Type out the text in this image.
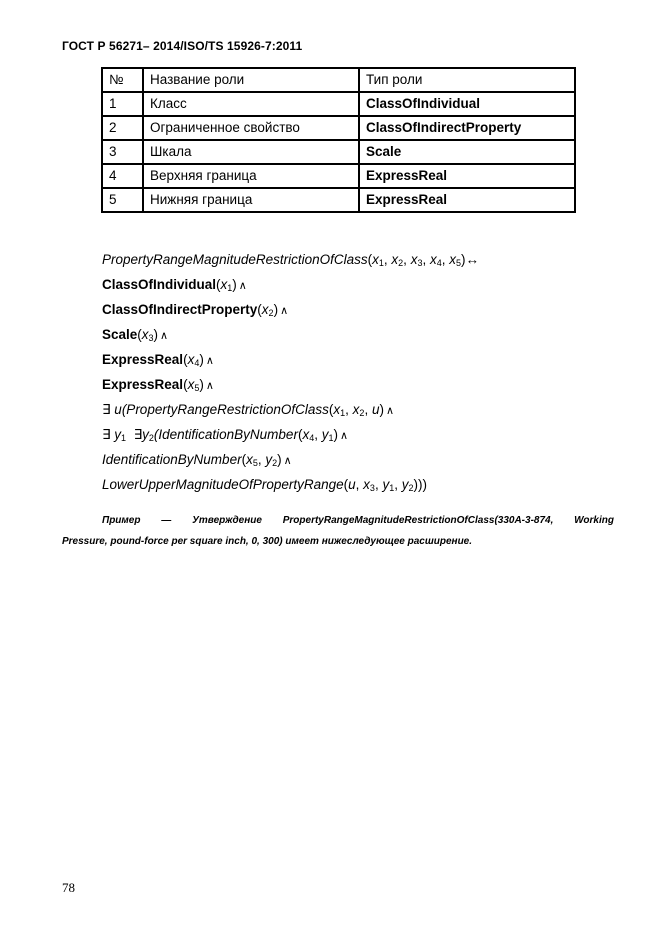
ГОСТ Р 56271– 2014/ISO/TS 15926-7:2011
№	Название роли	Тип роли
1	Класс	ClassOfIndividual
2	Ограниченное свойство	ClassOfIndirectProperty
3	Шкала	Scale
4	Верхняя граница	ExpressReal
5	Нижняя граница	ExpressReal
$PropertyRangeMagnitudeRestrictionOfClass(x_1$, $x_2$, $x_3$, $x_4$, $x_5)\leftrightarrow$
$ClassOfIndividual(x_1)$ ∧
$ClassOfIndirectProperty(x_2)$ ∧
$Scale(x_3)$ ∧
$ExpressReal(x_4)$ ∧
$ExpressReal(x_5)$ ∧
∃ $u(PropertyRangeRestrictionOfClass(x_1$, $x_2$, u) ∧
∃ $y_1$ $\exists y_2(IdentificationByNumber(x_4$, $y_1$) ∧
$IdentificationByNumber(x_5$, $y_2$) ∧
LowerUpperMagnitudeOfPropertyRange(u, $x_3$, $y_1$, $y_2$)))
Пример — Утверждение PropertyRangeMagnitudeRestrictionOfClass(330A-3-874, Working
Pressure, pound-force per square inch, 0, 300) имеет нижеследующее расширение.
78
